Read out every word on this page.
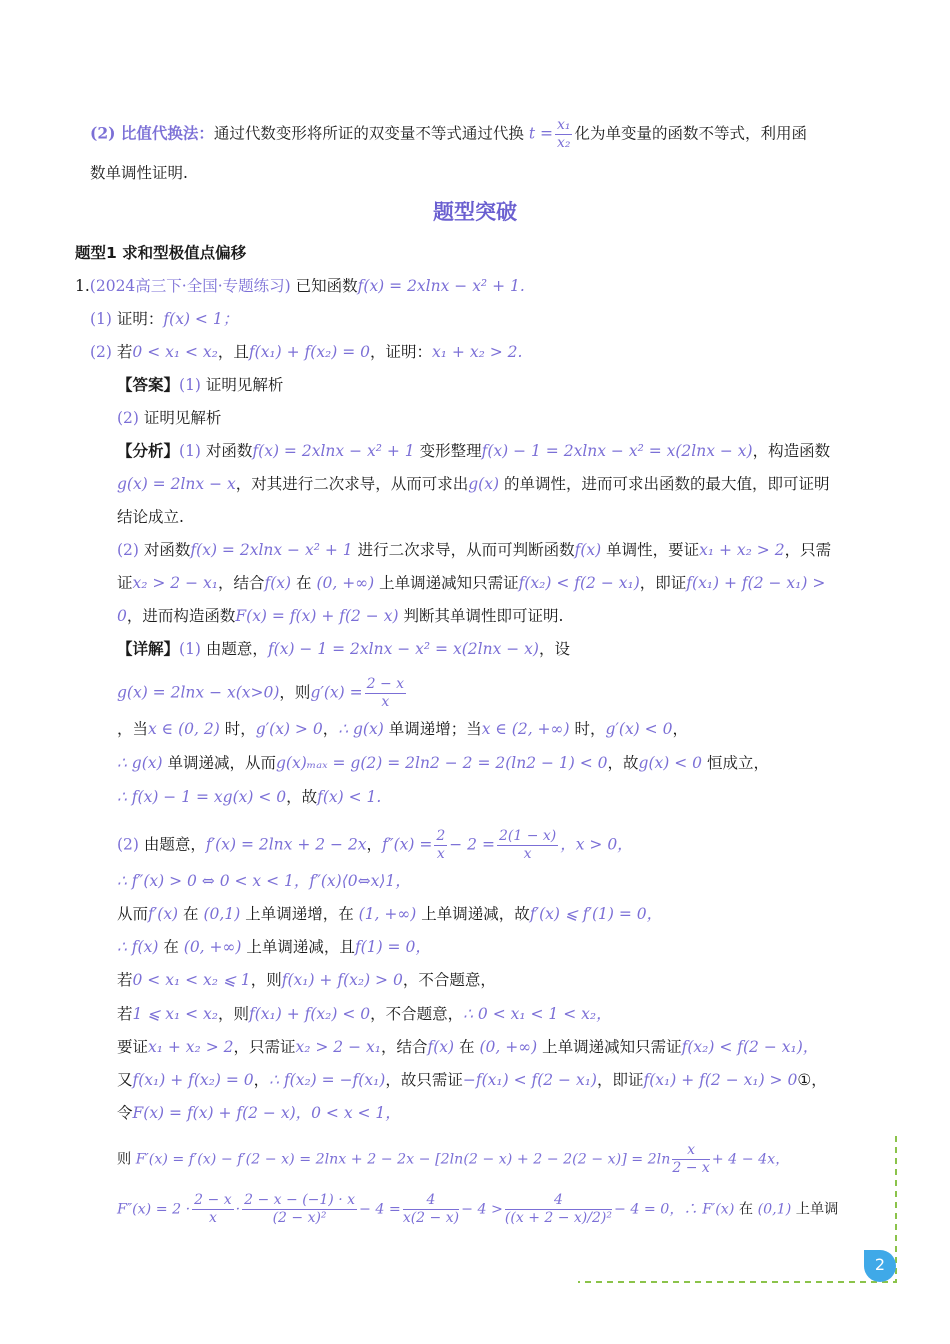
(2) 比值代换法：通过代数变形将所证的双变量不等式通过代换 $t = \frac{\text{x₁}}{\text{x₂}}$ 化为单变量的函数不等式，利用函
数单调性证明.
题型突破
题型1 求和型极值点偏移
1.(2024高三下·全国·专题练习) 已知函数f(x) = 2xlnx − x² + 1.
(1) 证明：f(x) < 1；
(2) 若0 < x₁ < x₂，且f(x₁) + f(x₂) = 0，证明：x₁ + x₂ > 2.
【答案】(1) 证明见解析
(2) 证明见解析
【分析】(1) 对函数f(x) = 2xlnx − x² + 1 变形整理f(x) − 1 = 2xlnx − x² = x(2lnx − x)，构造函数
g(x) = 2lnx − x，对其进行二次求导，从而可求出g(x) 的单调性，进而可求出函数的最大值，即可证明
结论成立.
(2) 对函数f(x) = 2xlnx − x² + 1 进行二次求导，从而可判断函数f(x) 单调性，要证x₁ + x₂ > 2，只需
证x₂ > 2 − x₁，结合f(x) 在 (0, +∞) 上单调递减知只需证f(x₂) < f(2 − x₁)，即证f(x₁) + f(2 − x₁) >
0，进而构造函数F(x) = f(x) + f(2 − x) 判断其单调性即可证明.
【详解】(1) 由题意，f(x) − 1 = 2xlnx − x² = x(2lnx − x)，设
g(x) = 2lnx − x(x>0)，则$g'(x) = \frac{2 - x}{x}$
，当x ∈ (0, 2) 时，g′(x) > 0，∴ g(x) 单调递增；当x ∈ (2, +∞) 时，g′(x) < 0，
∴ g(x) 单调递减，从而g(x)ₘₐₓ = g(2) = 2ln2 − 2 = 2(ln2 − 1) < 0，故g(x) < 0 恒成立，
∴ f(x) − 1 = xg(x) < 0，故f(x) < 1.
(2) 由题意，f′(x) = 2lnx + 2 − 2x，$f''(x) = \frac{2}{x} - 2 = \frac{2(1 - x)}{x}$ ，x > 0，
∴ f″(x) > 0 ⇔ 0 < x < 1，f″(x)⟨0⇔x⟩1，
从而f′(x) 在 (0,1) 上单调递增，在 (1, +∞) 上单调递减，故f′(x) ⩽ f′(1) = 0，
∴ f(x) 在 (0, +∞) 上单调递减，且f(1) = 0，
若0 < x₁ < x₂ ⩽ 1，则f(x₁) + f(x₂) > 0，不合题意，
若1 ⩽ x₁ < x₂，则f(x₁) + f(x₂) < 0，不合题意，∴ 0 < x₁ < 1 < x₂，
要证x₁ + x₂ > 2，只需证x₂ > 2 − x₁，结合f(x) 在 (0, +∞) 上单调递减知只需证f(x₂) < f(2 − x₁)，
又f(x₁) + f(x₂) = 0，∴ f(x₂) = −f(x₁)，故只需证−f(x₁) < f(2 − x₁)，即证f(x₁) + f(2 − x₁) > 0①，
令F(x) = f(x) + f(2 − x)，0 < x < 1，
则 $F'(x) = f'(x) - f'(2 - x) = 2\ln x + 2 - 2x - [2\ln(2 - x) + 2 - 2(2 - x)] = 2\ln \frac{x}{2 - x} + 4 - 4x$，
$F''(x) = 2 \cdot \frac{2 - x}{x} \cdot \frac{2 - x - (-1) \cdot x}{\text{(2 − x)²}} - 4 = \frac{4}{x(2 - x)} - 4 > \frac{4}{\text{((x + 2 − x)/2)²}} - 4 = 0$，∴ F′(x) 在 (0,1) 上单调
2
